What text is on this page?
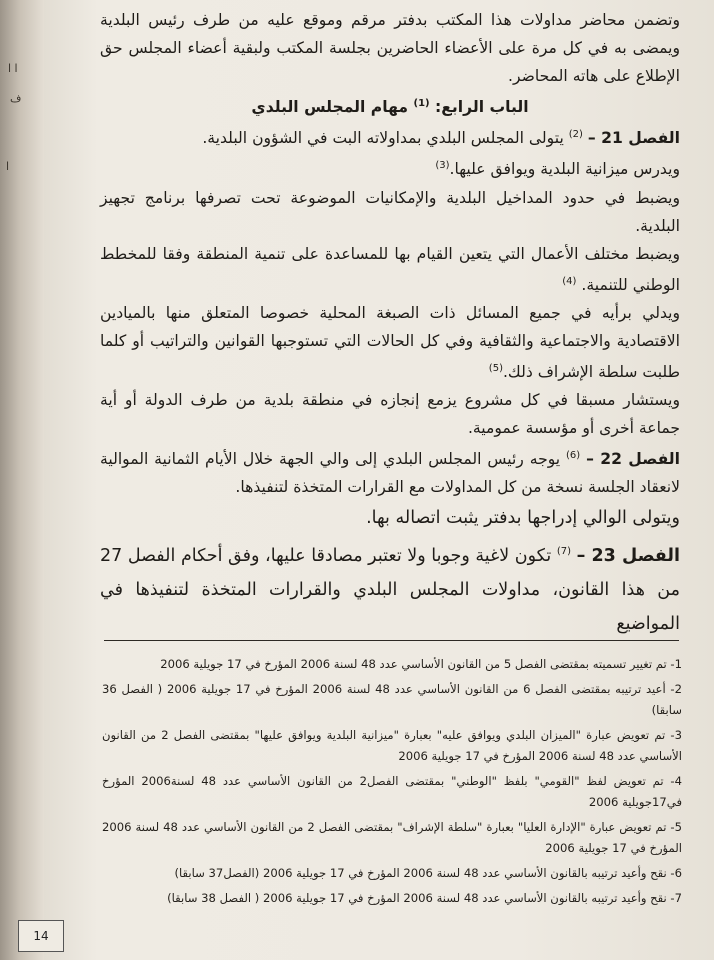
ا ا
ف
ا

وتضمن محاضر مداولات هذا المكتب بدفتر مرقم وموقع عليه من طرف رئيس البلدية ويمضى به في كل مرة على الأعضاء الحاضرين بجلسة المكتب ولبقية أعضاء المجلس حق الإطلاع على هاته المحاضر.

الباب الرابع: $^{(1)}$ مهام المجلس البلدي

الفصل 21 – $^{(2)}$ يتولى المجلس البلدي بمداولاته البت في الشؤون البلدية.

ويدرس ميزانية البلدية ويوافق عليها.$^{(3)}$

ويضبط في حدود المداخيل البلدية والإمكانيات الموضوعة تحت تصرفها برنامج تجهيز البلدية.

ويضبط مختلف الأعمال التي يتعين القيام بها للمساعدة على تنمية المنطقة وفقا للمخطط الوطني للتنمية. $^{(4)}$

ويدلي برأيه في جميع المسائل ذات الصبغة المحلية خصوصا المتعلق منها بالميادين الاقتصادية والاجتماعية والثقافية وفي كل الحالات التي تستوجبها القوانين والتراتيب أو كلما طلبت سلطة الإشراف ذلك.$^{(5)}$

ويستشار مسبقا في كل مشروع يزمع إنجازه في منطقة بلدية من طرف الدولة أو أية جماعة أخرى أو مؤسسة عمومية.

الفصل 22 – $^{(6)}$ يوجه رئيس المجلس البلدي إلى والي الجهة خلال الأيام الثمانية الموالية لانعقاد الجلسة نسخة من كل المداولات مع القرارات المتخذة لتنفيذها.

ويتولى الوالي إدراجها بدفتر يثبت اتصاله بها.

الفصل 23 – $^{(7)}$ تكون لاغية وجوبا ولا تعتبر مصادقا عليها، وفق أحكام الفصل 27 من هذا القانون، مداولات المجلس البلدي والقرارات المتخذة لتنفيذها في المواضيع

1- تم تغيير تسميته بمقتضى الفصل 5 من القانون الأساسي عدد 48 لسنة 2006 المؤرخ في 17 جويلية 2006

2- أعيد ترتيبه بمقتضى الفصل 6 من القانون الأساسي عدد 48 لسنة 2006 المؤرخ في 17 جويلية 2006 ( الفصل 36 سابقا)

3- تم تعويض عبارة "الميزان البلدي ويوافق عليه" بعبارة "ميزانية البلدية ويوافق عليها" بمقتضى الفصل 2 من القانون الأساسي عدد 48 لسنة 2006 المؤرخ في 17 جويلية 2006

4- تم تعويض لفظ "القومي" بلفظ "الوطني" بمقتضى الفصل2 من القانون الأساسي عدد 48 لسنة2006 المؤرخ في17جويلية 2006

5- تم تعويض عبارة "الإدارة العليا" بعبارة "سلطة الإشراف" بمقتضى الفصل 2 من القانون الأساسي عدد 48 لسنة 2006 المؤرخ في 17 جويلية 2006

6- نقح وأعيد ترتيبه بالقانون الأساسي عدد 48 لسنة 2006 المؤرخ في 17 جويلية 2006 (الفصل37 سابقا)

7- نقح وأعيد ترتيبه بالقانون الأساسي عدد 48 لسنة 2006 المؤرخ في 17 جويلية 2006 ( الفصل 38 سابقا)

14
